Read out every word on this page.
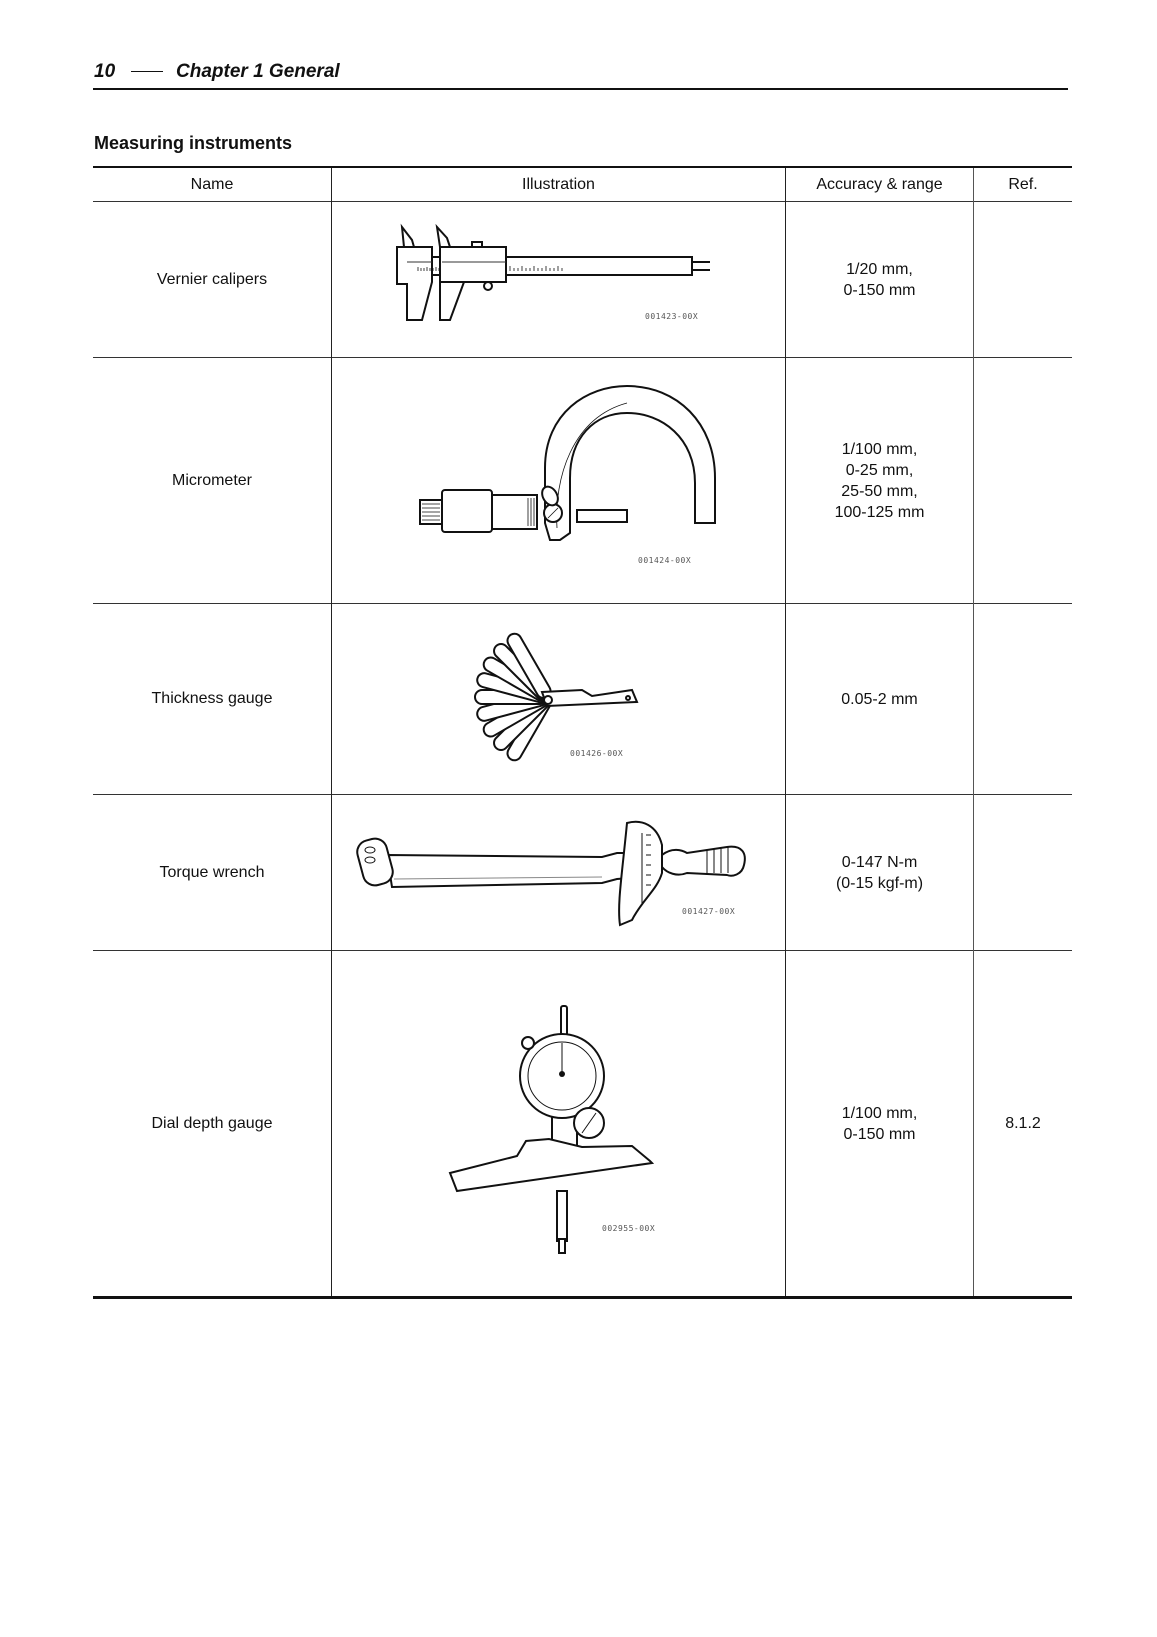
10	Chapter 1 General
Measuring instruments
Name	Illustration	Accuracy & range	Ref.
Vernier calipers	001423-00X	1/20 mm,
0-150 mm	

Micrometer	001424-00X	1/100 mm,
0-25 mm,
25-50 mm,
100-125 mm	

Thickness gauge	001426-00X	0.05-2 mm	

Torque wrench	001427-00X	0-147 N-m
(0-15 kgf-m)	

Dial depth gauge	002955-00X	1/100 mm,
0-150 mm	8.1.2
